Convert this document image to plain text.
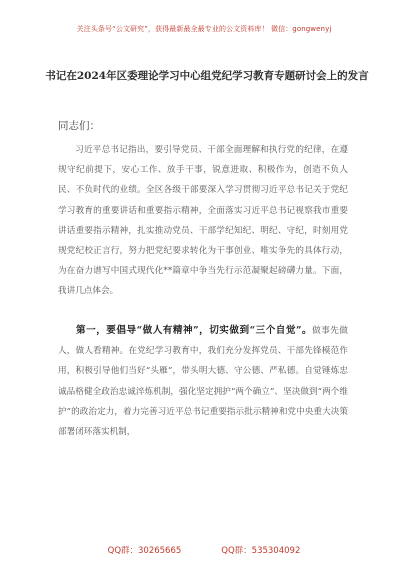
关注头条号“公文研究”，获得最新最全最专业的公文资料库！ 微信：gongwenyj
书记在2024年区委理论学习中心组党纪学习教育专题研讨会上的发言
同志们：

习近平总书记指出，要引导党员、干部全面理解和执行党的纪律，在遵规守纪前提下，安心工作、放手干事，锐意进取、积极作为，创造不负人民、不负时代的业绩。全区各级干部要深入学习贯彻习近平总书记关于党纪学习教育的重要讲话和重要指示精神，全面落实习近平总书记视察我市重要讲话重要指示精神，扎实推动党员、干部学纪知纪、明纪、守纪，时刻用党规党纪校正言行，努力把党纪要求转化为干事创业、唯实争先的具体行动，为在奋力谱写中国式现代化**篇章中争当先行示范凝聚起磅礴力量。下面，我讲几点体会。

第一，要倡导“做人有精神”，切实做到“三个自觉”。做事先做人，做人看精神。在党纪学习教育中，我们充分发挥党员、干部先锋模范作用，积极引导他们当好“头雁”，带头明大德、守公德、严私德。自觉锤炼忠诚品格健全政治忠诚淬炼机制，强化坚定拥护“两个确立”、坚决做到“两个维护”的政治定力，着力完善习近平总书记重要指示批示精神和党中央重大决策部署闭环落实机制，

QQ群：30265665	QQ群：535304092
